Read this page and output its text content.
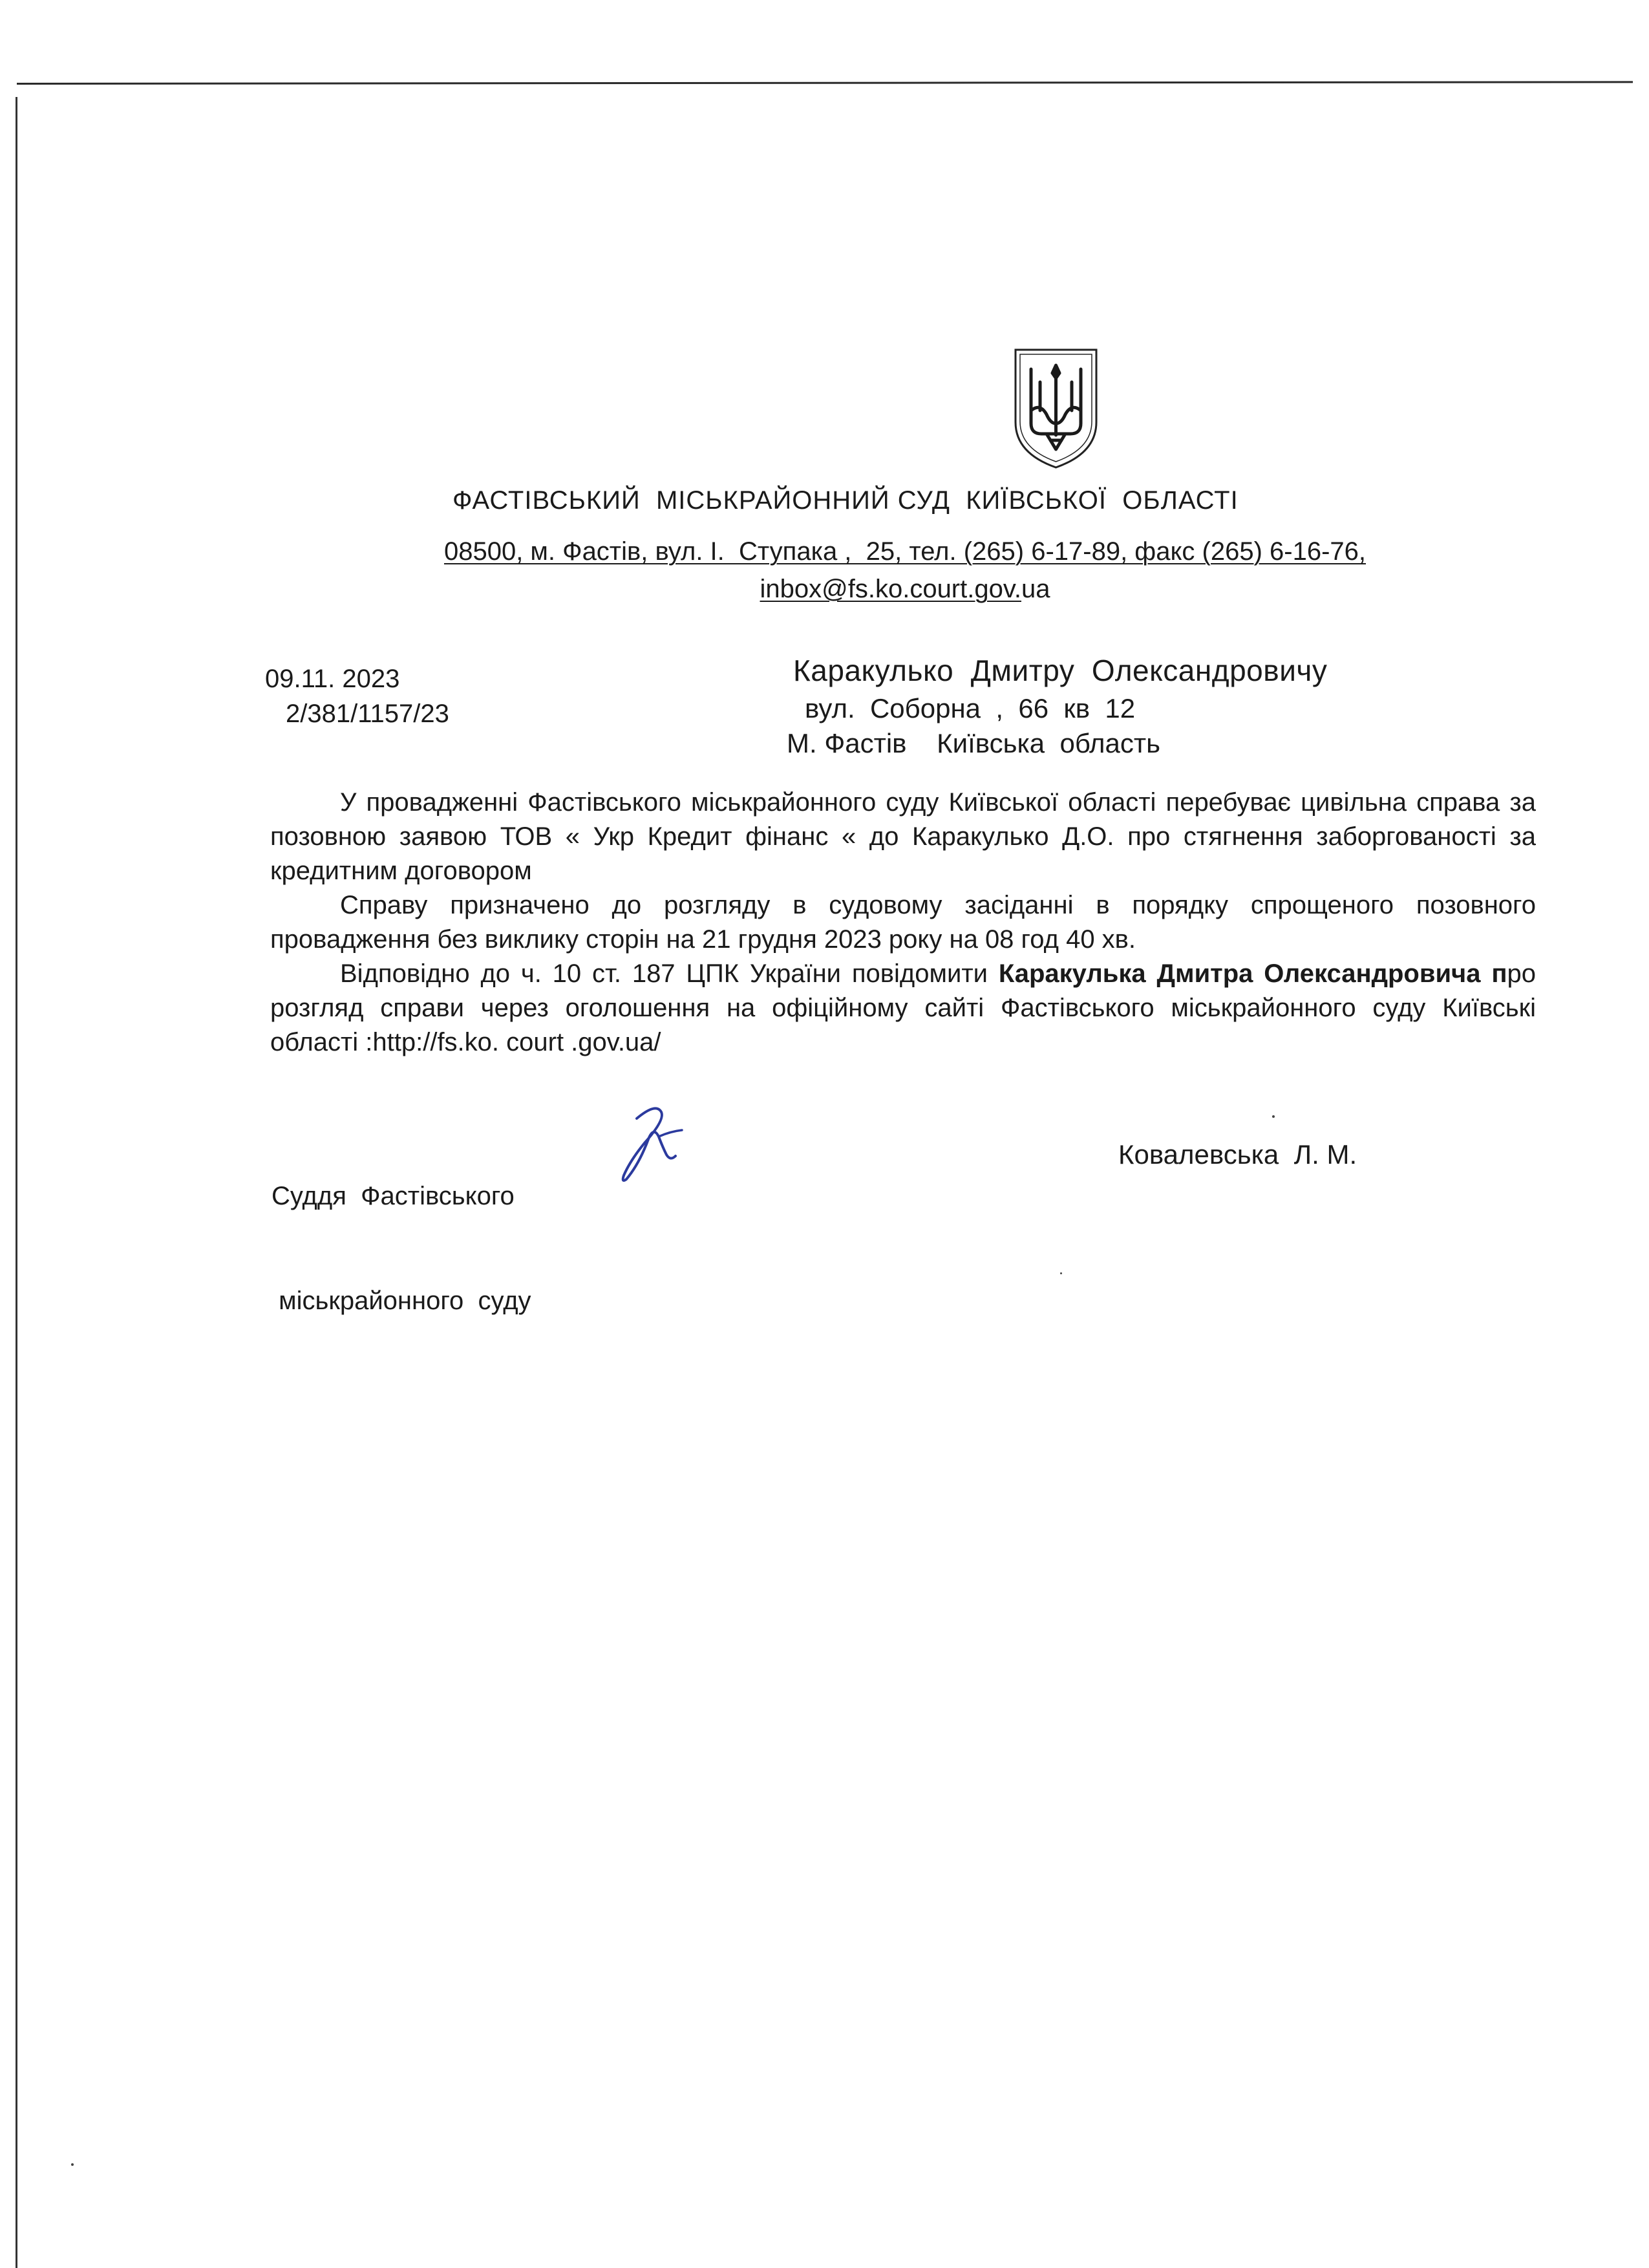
ФАСТІВСЬКИЙ  МІСЬКРАЙОННИЙ СУД  КИЇВСЬКОЇ  ОБЛАСТІ
08500, м. Фастів, вул. І.  Ступака ,  25, тел. (265) 6-17-89, факс (265) 6-16-76,
inbox@fs.ko.court.gov.ua
09.11. 2023
2/381/1157/23
Каракулько  Дмитру  Олександровичу
вул.  Соборна  ,  66  кв  12
М. Фастів    Київська  область

У провадженні Фастівського міськрайонного суду Київської області перебуває цивільна справа за позовною заявою ТОВ « Укр Кредит фінанс « до Каракулько Д.О. про стягнення заборгованості за кредитним договором

Справу призначено до розгляду в судовому засіданні в порядку спрощеного позовного провадження без виклику сторін на 21 грудня 2023 року на 08 год 40 хв.

Відповідно до ч. 10 ст. 187 ЦПК України повідомити Каракулька Дмитра Олександровича про розгляд справи через оголошення на офіційному сайті Фастівського міськрайонного суду Київські області :http://fs.ko. court .gov.ua/

Суддя  Фастівського

міськрайонного  суду

Ковалевська  Л. М.
